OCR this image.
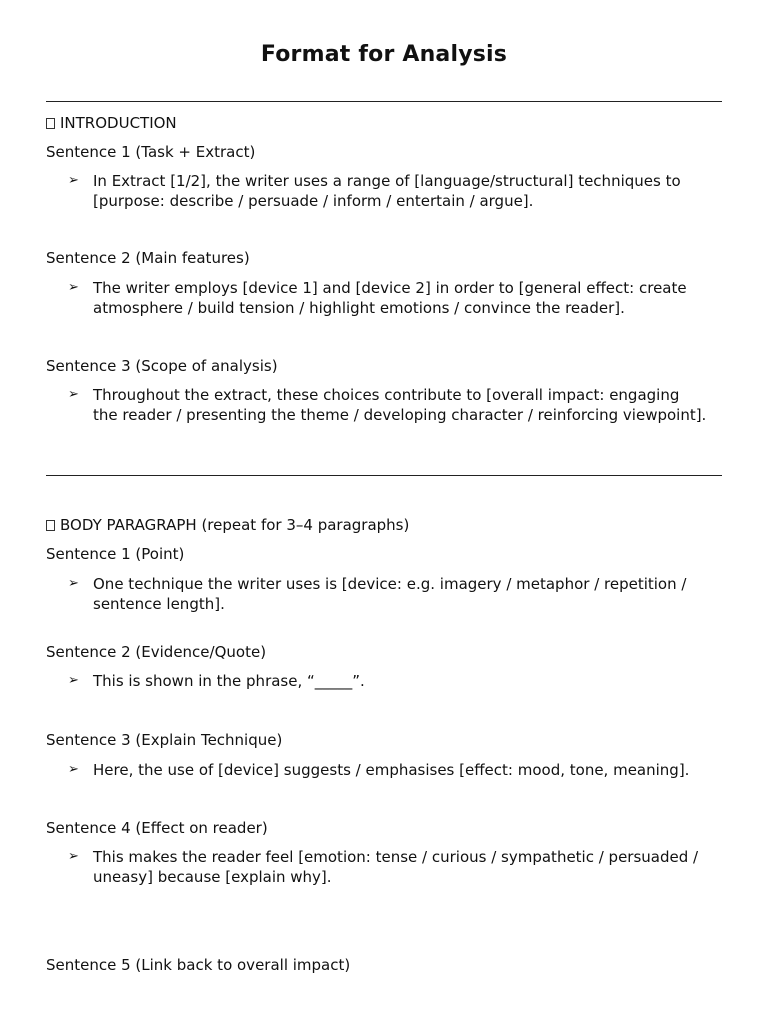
Format for Analysis
INTRODUCTION
Sentence 1 (Task + Extract)
➢ In Extract [1/2], the writer uses a range of [language/structural] techniques to [purpose: describe / persuade / inform / entertain / argue].
Sentence 2 (Main features)
➢ The writer employs [device 1] and [device 2] in order to [general effect: create atmosphere / build tension / highlight emotions / convince the reader].
Sentence 3 (Scope of analysis)
➢ Throughout the extract, these choices contribute to [overall impact: engaging the reader / presenting the theme / developing character / reinforcing viewpoint].
BODY PARAGRAPH (repeat for 3–4 paragraphs)
Sentence 1 (Point)
➢ One technique the writer uses is [device: e.g. imagery / metaphor / repetition / sentence length].
Sentence 2 (Evidence/Quote)
➢ This is shown in the phrase, “_____”.
Sentence 3 (Explain Technique)
➢ Here, the use of [device] suggests / emphasises [effect: mood, tone, meaning].
Sentence 4 (Effect on reader)
➢ This makes the reader feel [emotion: tense / curious / sympathetic / persuaded / uneasy] because [explain why].
Sentence 5 (Link back to overall impact)
